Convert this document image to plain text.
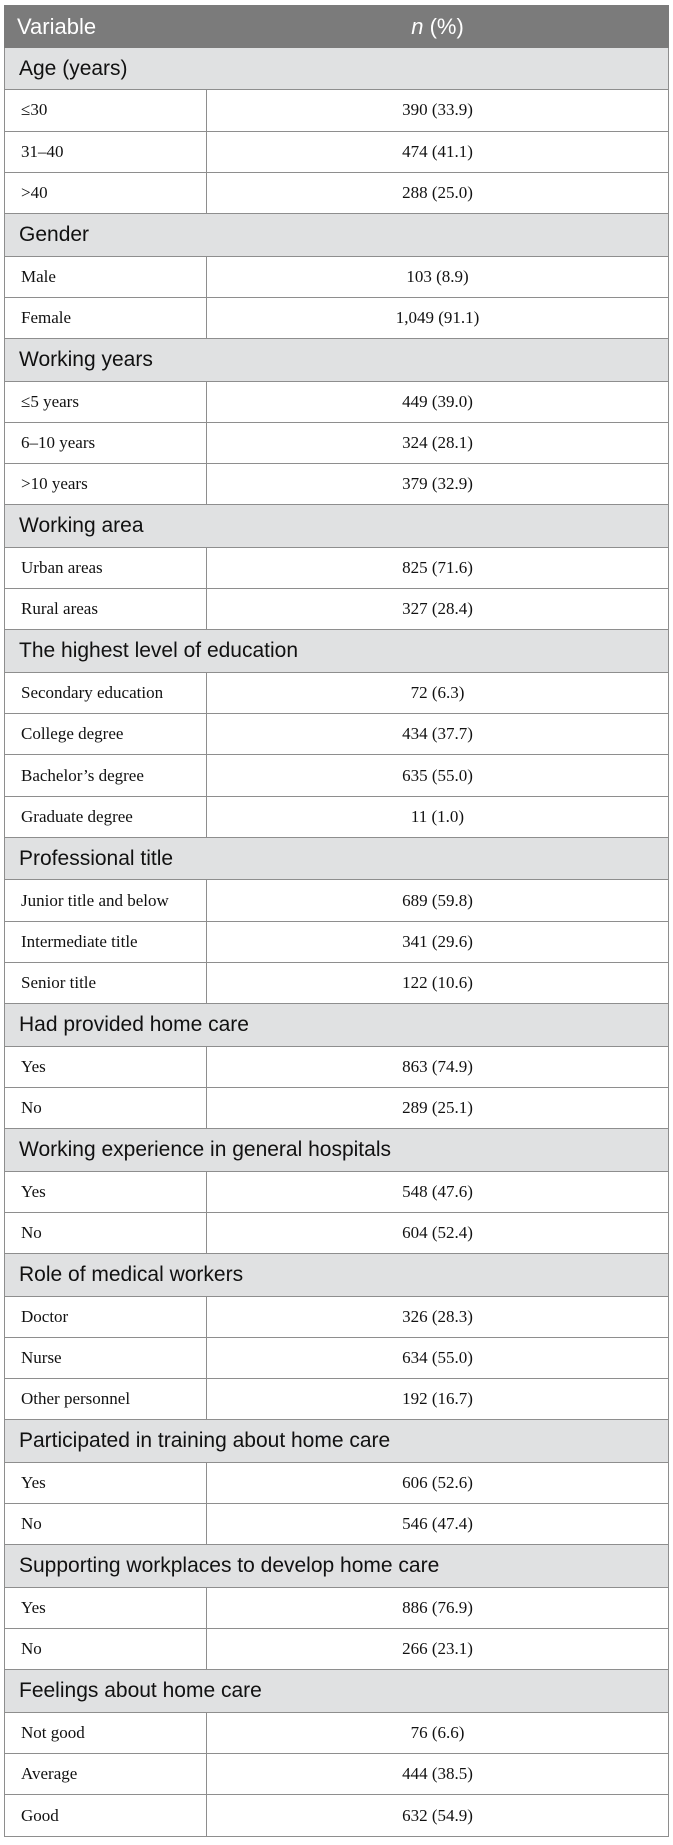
Variable	n (%)
Age (years)	
≤30	390 (33.9)
31–40	474 (41.1)
>40	288 (25.0)
Gender	
Male	103 (8.9)
Female	1,049 (91.1)
Working years	
≤5 years	449 (39.0)
6–10 years	324 (28.1)
>10 years	379 (32.9)
Working area	
Urban areas	825 (71.6)
Rural areas	327 (28.4)
The highest level of education	
Secondary education	72 (6.3)
College degree	434 (37.7)
Bachelor’s degree	635 (55.0)
Graduate degree	11 (1.0)
Professional title	
Junior title and below	689 (59.8)
Intermediate title	341 (29.6)
Senior title	122 (10.6)
Had provided home care	
Yes	863 (74.9)
No	289 (25.1)
Working experience in general hospitals	
Yes	548 (47.6)
No	604 (52.4)
Role of medical workers	
Doctor	326 (28.3)
Nurse	634 (55.0)
Other personnel	192 (16.7)
Participated in training about home care	
Yes	606 (52.6)
No	546 (47.4)
Supporting workplaces to develop home care	
Yes	886 (76.9)
No	266 (23.1)
Feelings about home care	
Not good	76 (6.6)
Average	444 (38.5)
Good	632 (54.9)
